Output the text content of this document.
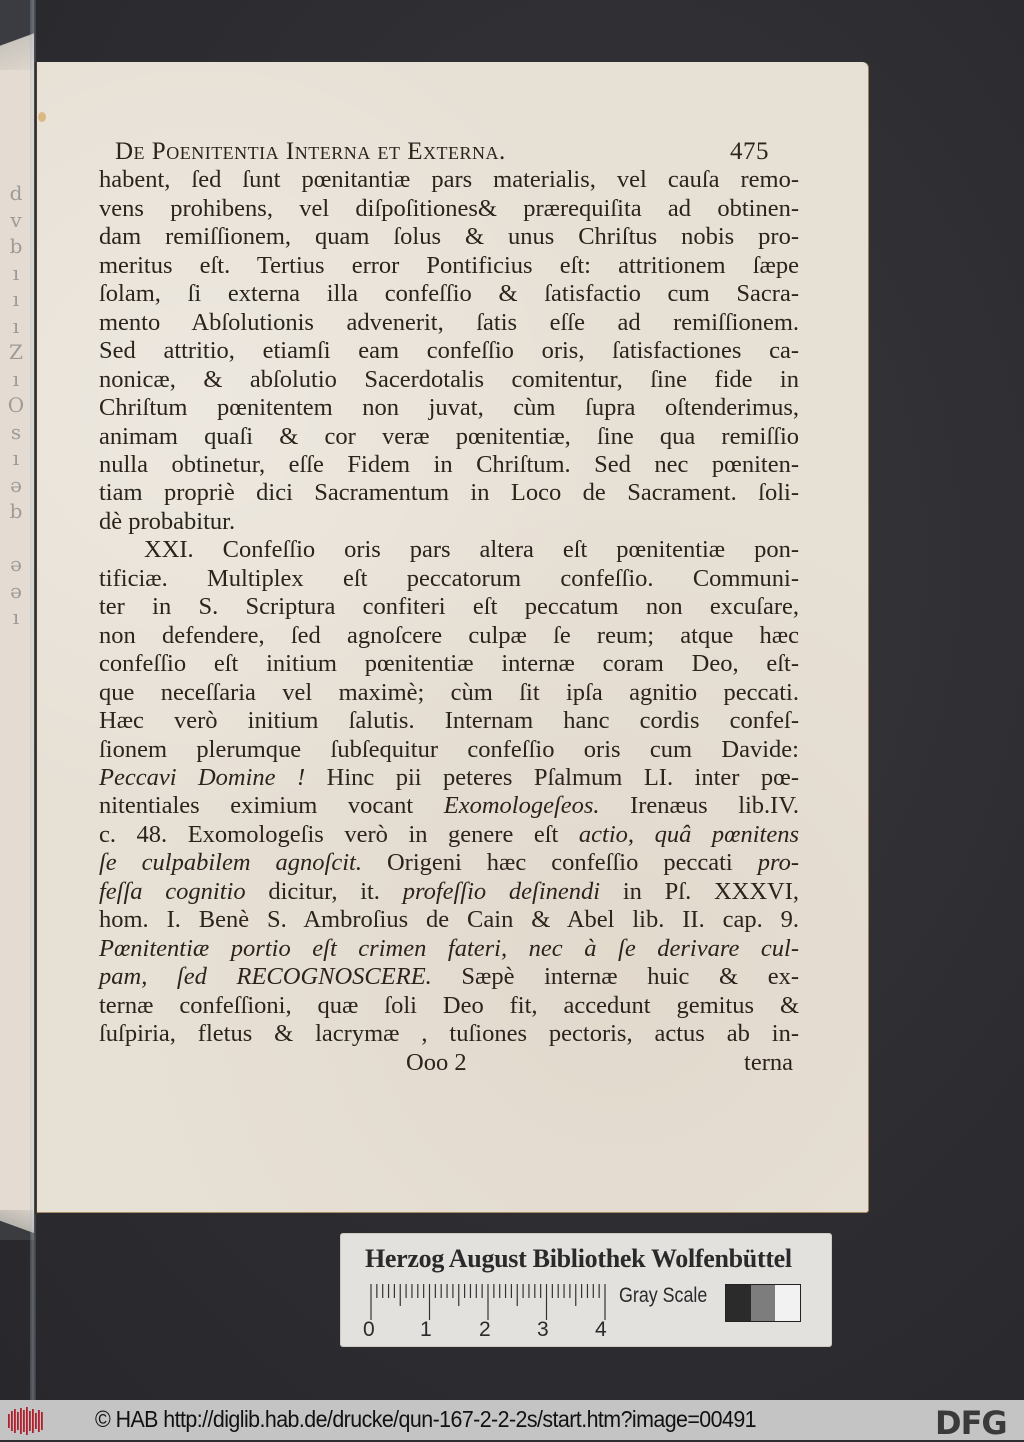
d
v
b
ı
ı
ı
Z
ı
O
s
ı
ə
b

ə
ə
ı
De Poenitentia Interna et Externa.	475
habent, ſed ſunt pœnitantiæ pars materialis, vel cauſa remo-
vens prohibens, vel diſpoſitiones& prærequiſita ad obtinen-
dam remiſſionem, quam ſolus & unus Chriſtus nobis pro-
meritus eſt. Tertius error Pontificius eſt: attritionem ſæpe
ſolam, ſi externa illa confeſſio & ſatisfactio cum Sacra-
mento Abſolutionis advenerit, ſatis eſſe ad remiſſionem.
Sed attritio, etiamſi eam confeſſio oris, ſatisfactiones ca-
nonicæ, & abſolutio Sacerdotalis comitentur, ſine fide in
Chriſtum pœnitentem non juvat, cùm ſupra oſtenderimus,
animam quaſi & cor veræ pœnitentiæ, ſine qua remiſſio
nulla obtinetur, eſſe Fidem in Chriſtum. Sed nec pœniten-
tiam propriè dici Sacramentum in Loco de Sacrament. ſoli-
dè probabitur.
XXI. Confeſſio oris pars altera eſt pœnitentiæ pon-
tificiæ. Multiplex eſt peccatorum confeſſio. Communi-
ter in S. Scriptura confiteri eſt peccatum non excuſare,
non defendere, ſed agnoſcere culpæ ſe reum; atque hæc
confeſſio eſt initium pœnitentiæ internæ coram Deo, eſt-
que neceſſaria vel maximè; cùm ſit ipſa agnitio peccati.
Hæc verò initium ſalutis. Internam hanc cordis confeſ-
ſionem plerumque ſubſequitur confeſſio oris cum Davide:
Peccavi Domine ! Hinc pii peteres Pſalmum LI. inter pœ-
nitentiales eximium vocant Exomologeſeos. Irenæus lib.IV.
c. 48. Exomologeſis verò in genere eſt actio, quâ pœnitens
ſe culpabilem agnoſcit. Origeni hæc confeſſio peccati pro-
feſſa cognitio dicitur, it. profeſſio deſinendi in Pſ. XXXVI,
hom. I. Benè S. Ambroſius de Cain & Abel lib. II. cap. 9.
Pœnitentiæ portio eſt crimen fateri, nec à ſe derivare cul-
pam, ſed RECOGNOSCERE. Sæpè internæ huic & ex-
ternæ confeſſioni, quæ ſoli Deo fit, accedunt gemitus &
ſuſpiria, fletus & lacrymæ , tuſiones pectoris, actus ab in-
Ooo 2	terna
Herzog August Bibliothek Wolfenbüttel
0 1 2 3 4
Gray Scale
© HAB http://diglib.hab.de/drucke/qun-167-2-2-2s/start.htm?image=00491	DFG
